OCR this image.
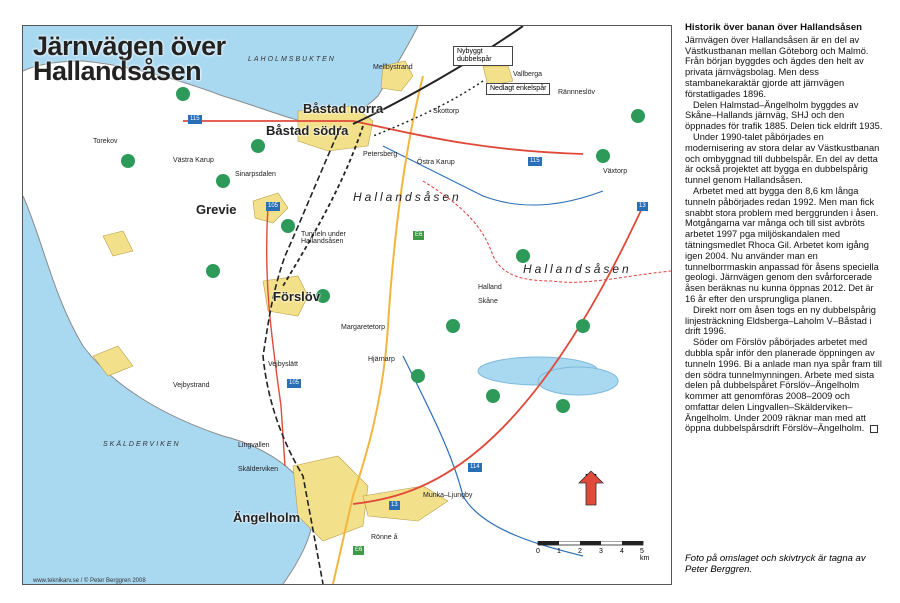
Järnvägen över
Hallandsåsen	LAHOLMSBUKTEN
SKÄLDERVIKEN
Hallandsåsen
Hallandsåsen
Båstad norra
Båstad södra
Grevie
Förslöv
Ängelholm
Mellbystrand
Vallberga
Rännneslöv
Skottorp
Torekov
Västra Karup
Petersberg
Östra Karup
Växtorp
Sinarpsdalen
Tunneln under Hallandsåsen
Halland
Skåne
Margaretetorp
Vejbyslätt
Hjärnarp
Vejbystrand
Lingvallen
Skälderviken
Munka–Ljungby
Rönne å
Nybyggt dubbelspår
Nedlagt enkelspår
115
115
105
105
13
13
114
E6
E6	0 1 2 3 4 5 km
www.teknikarv.se / © Peter Berggren 2008
Historik över banan över Hallandsåsen

Järnvägen över Hallandsåsen är en del av Västkustbanan mellan Göteborg och Malmö. Från början byggdes och ägdes den helt av privata järnvägsbolag. Men dess stambanekaraktär gjorde att järnvägen förstatligades 1896.

Delen Halmstad–Ängelholm byggdes av Skåne–Hallands järnväg, SHJ och den öppnades för trafik 1885. Delen tick eldrift 1935.

Under 1990-talet påbörjades en modernisering av stora delar av Västkustbanan och ombyggnad till dubbelspår. En del av detta är också projektet att bygga en dubbelspårig tunnel genom Hallandsåsen.

Arbetet med att bygga den 8,6 km långa tunneln påbörjades redan 1992. Men man fick snabbt stora problem med berggrunden i åsen. Motgångarna var många och till sist avbröts arbetet 1997 pga miljöskandalen med tätningsmedlet Rhoca Gil. Arbetet kom igång igen 2004. Nu använder man en tunnelborrmaskin anpassad för åsens speciella geologi. Järnvägen genom den svårforcerade åsen beräknas nu kunna öppnas 2012. Det är 16 år efter den ursprungliga planen.

Direkt norr om åsen togs en ny dubbelspårig linjesträckning Eldsberga–Laholm V–Båstad i drift 1996.

Söder om Förslöv påbörjades arbetet med dubbla spår inför den planerade öppningen av tunneln 1996. Bi a anlade man nya spår fram till den södra tunnelmynningen. Arbete med sista delen på dubbelspåret Förslöv–Ängelholm kommer att genomföras 2008–2009 och omfattar delen Lingvallen–Skälderviken–Ängelholm. Under 2009 räknar man med att öppna dubbelspårsdrift Förslöv–Ängelholm.

Foto på omslaget och skivtryck är tagna av Peter Berggren.
